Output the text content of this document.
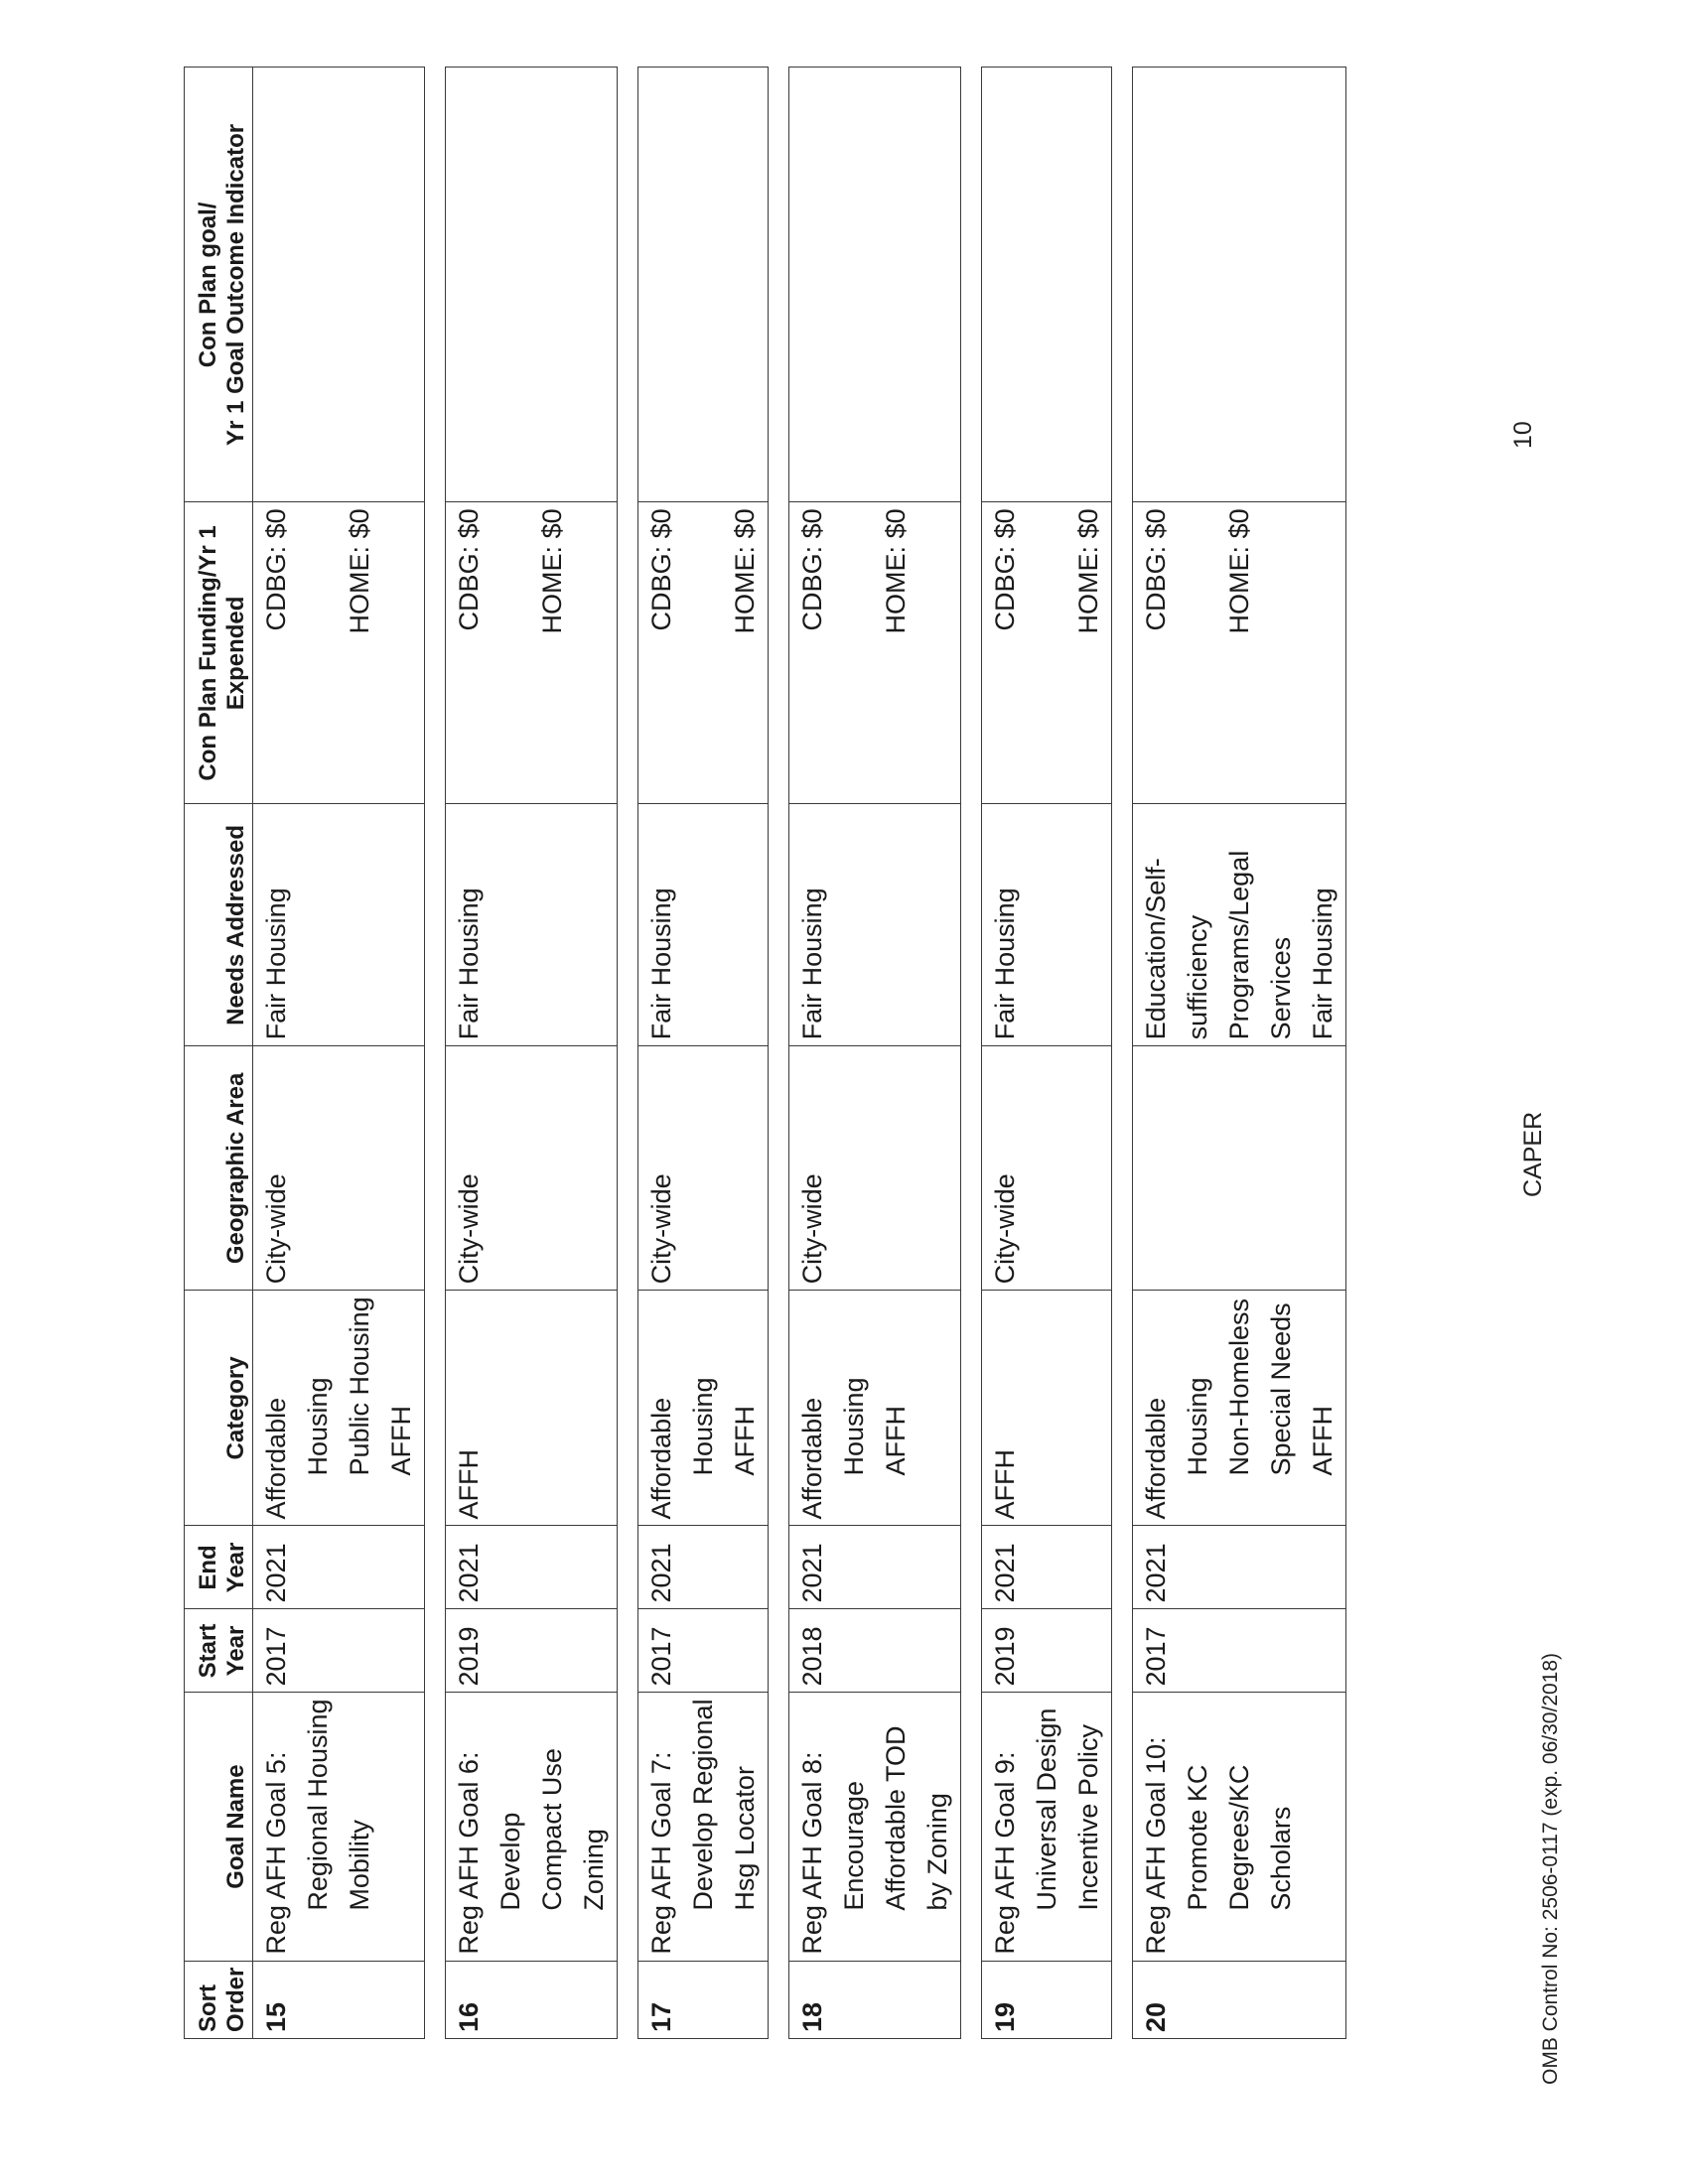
Sort Order	Goal Name	Start Year	End Year	Category	Geographic Area	Needs Addressed	Con Plan Funding/Yr 1 Expended	Con Plan goal/ Yr 1 Goal Outcome Indicator

15	Reg AFH Goal 5: Regional Housing Mobility	2017	2021	Affordable Housing Public Housing AFFH	City-wide	Fair Housing	CDBG: $0 HOME: $0	

16	Reg AFH Goal 6: Develop Compact Use Zoning	2019	2021	AFFH	City-wide	Fair Housing	CDBG: $0 HOME: $0	

17	Reg AFH Goal 7: Develop Regional Hsg Locator	2017	2021	Affordable Housing AFFH	City-wide	Fair Housing	CDBG: $0 HOME: $0	

18	Reg AFH Goal 8: Encourage Affordable TOD by Zoning	2018	2021	Affordable Housing AFFH	City-wide	Fair Housing	CDBG: $0 HOME: $0	

19	Reg AFH Goal 9: Universal Design Incentive Policy	2019	2021	AFFH	City-wide	Fair Housing	CDBG: $0 HOME: $0	

20	Reg AFH Goal 10: Promote KC Degrees/KC Scholars	2017	2021	Affordable Housing Non-Homeless Special Needs AFFH		Education/Self- sufficiency Programs/Legal Services Fair Housing	CDBG: $0 HOME: $0	

OMB Control No: 2506-0117 (exp. 06/30/2018)
CAPER
10
